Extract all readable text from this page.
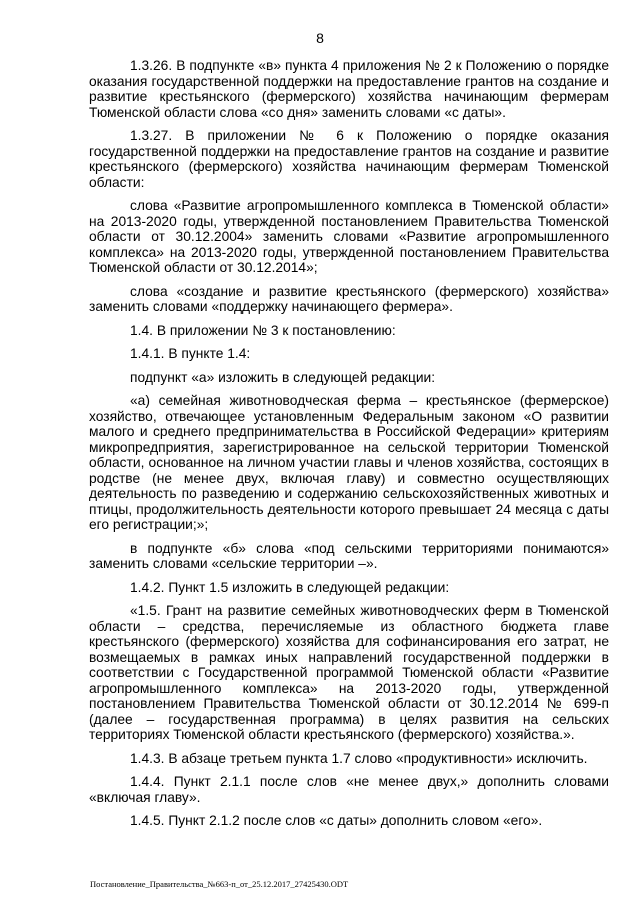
8

1.3.26. В подпункте «в» пункта 4 приложения № 2 к Положению о порядке оказания государственной поддержки на предоставление грантов на создание и развитие крестьянского (фермерского) хозяйства начинающим фермерам Тюменской области слова «со дня» заменить словами «с даты».

1.3.27. В приложении № 6 к Положению о порядке оказания государственной поддержки на предоставление грантов на создание и развитие крестьянского (фермерского) хозяйства начинающим фермерам Тюменской области:

слова «Развитие агропромышленного комплекса в Тюменской области» на 2013-2020 годы, утвержденной постановлением Правительства Тюменской области от 30.12.2004» заменить словами «Развитие агропромышленного комплекса» на 2013-2020 годы, утвержденной постановлением Правительства Тюменской области от 30.12.2014»;

слова «создание и развитие крестьянского (фермерского) хозяйства» заменить словами «поддержку начинающего фермера».

1.4. В приложении № 3 к постановлению:

1.4.1. В пункте 1.4:

подпункт «а» изложить в следующей редакции:

«а) семейная животноводческая ферма – крестьянское (фермерское) хозяйство, отвечающее установленным Федеральным законом «О развитии малого и среднего предпринимательства в Российской Федерации» критериям микропредприятия, зарегистрированное на сельской территории Тюменской области, основанное на личном участии главы и членов хозяйства, состоящих в родстве (не менее двух, включая главу) и совместно осуществляющих деятельность по разведению и содержанию сельскохозяйственных животных и птицы, продолжительность деятельности которого превышает 24 месяца с даты его регистрации;»;

в подпункте «б» слова «под сельскими территориями понимаются» заменить словами «сельские территории –».

1.4.2. Пункт 1.5 изложить в следующей редакции:

«1.5. Грант на развитие семейных животноводческих ферм в Тюменской области – средства, перечисляемые из областного бюджета главе крестьянского (фермерского) хозяйства для софинансирования его затрат, не возмещаемых в рамках иных направлений государственной поддержки в соответствии с Государственной программой Тюменской области «Развитие агропромышленного комплекса» на 2013-2020 годы, утвержденной постановлением Правительства Тюменской области от 30.12.2014 № 699-п (далее – государственная программа) в целях развития на сельских территориях Тюменской области крестьянского (фермерского) хозяйства.».

1.4.3. В абзаце третьем пункта 1.7 слово «продуктивности» исключить.

1.4.4. Пункт 2.1.1 после слов «не менее двух,» дополнить словами «включая главу».

1.4.5. Пункт 2.1.2 после слов «с даты» дополнить словом «его».

Постановление_Правительства_№663-п_от_25.12.2017_27425430.ODT
